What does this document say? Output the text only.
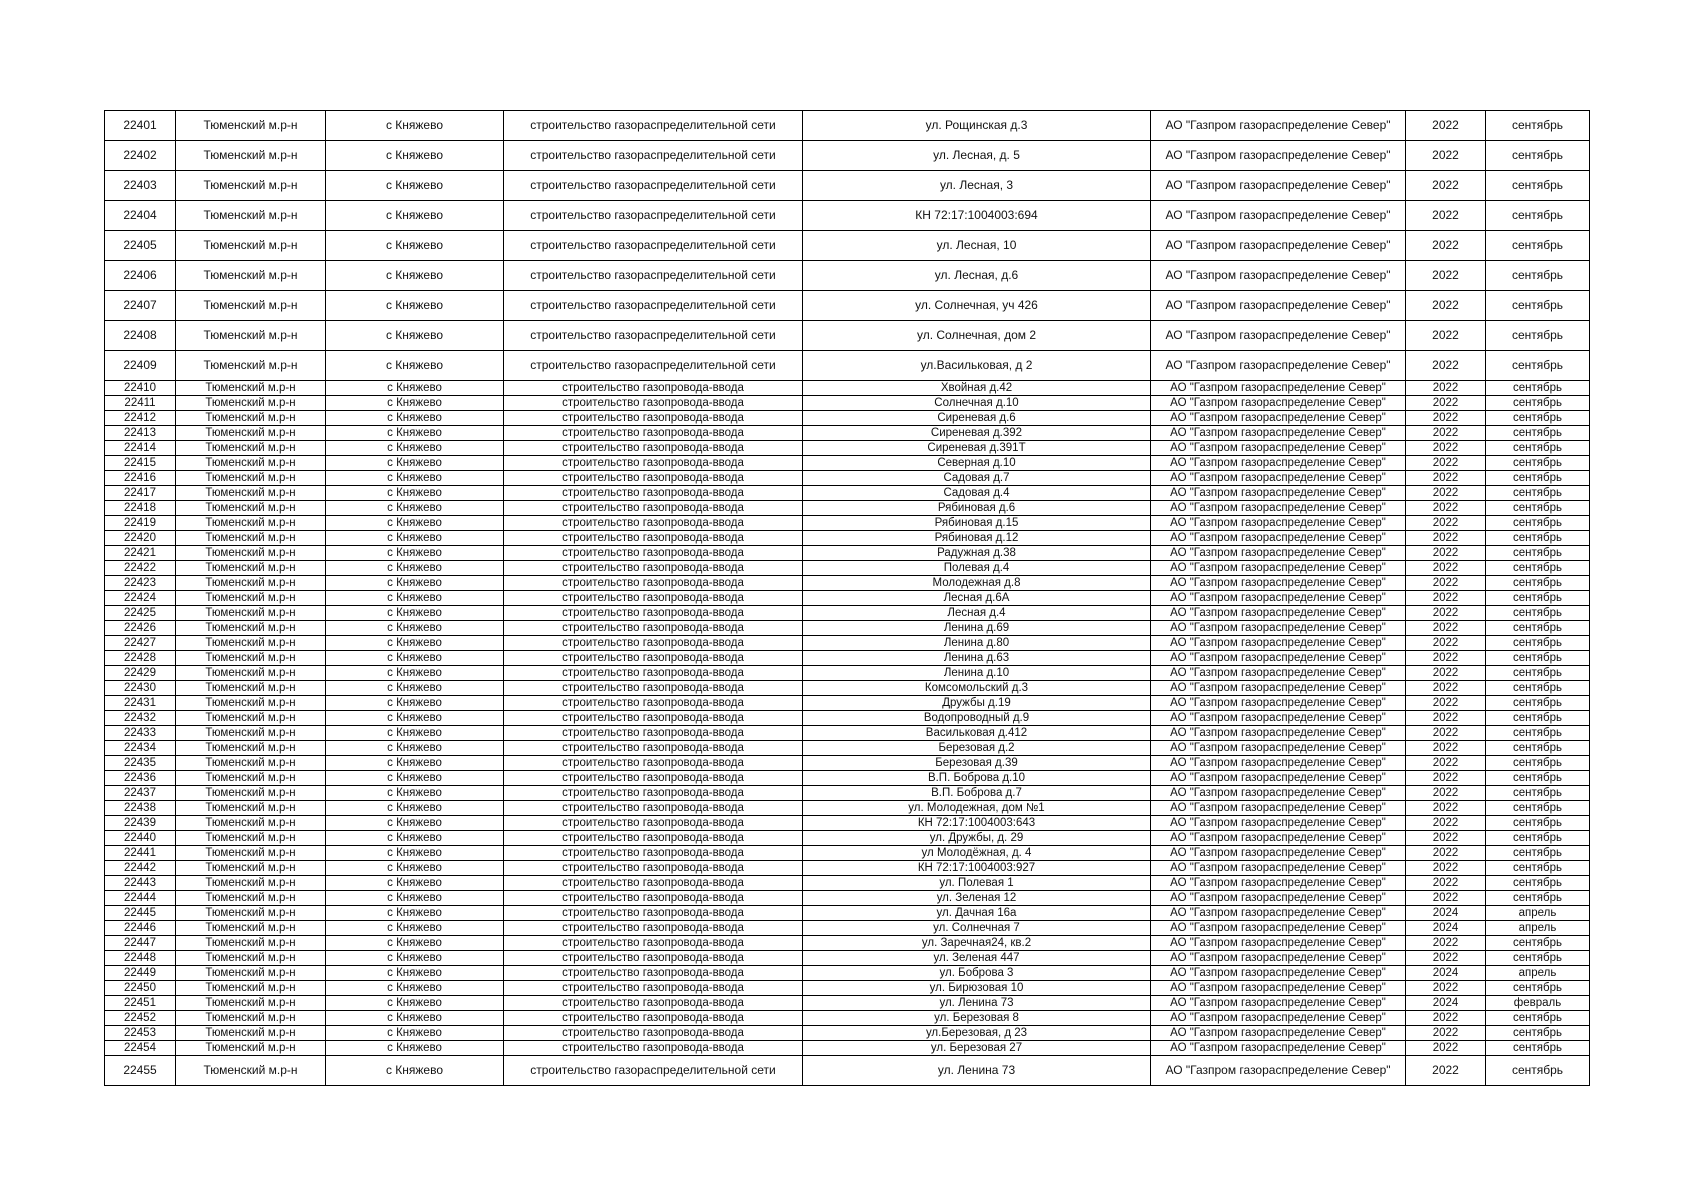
22401	Тюменский м.р-н	с Княжево	строительство газораспределительной сети	ул. Рощинская д.3	АО "Газпром газораспределение Север"	2022	сентябрь
22402	Тюменский м.р-н	с Княжево	строительство газораспределительной сети	ул. Лесная, д. 5	АО "Газпром газораспределение Север"	2022	сентябрь
22403	Тюменский м.р-н	с Княжево	строительство газораспределительной сети	ул. Лесная, 3	АО "Газпром газораспределение Север"	2022	сентябрь
22404	Тюменский м.р-н	с Княжево	строительство газораспределительной сети	КН 72:17:1004003:694	АО "Газпром газораспределение Север"	2022	сентябрь
22405	Тюменский м.р-н	с Княжево	строительство газораспределительной сети	ул. Лесная, 10	АО "Газпром газораспределение Север"	2022	сентябрь
22406	Тюменский м.р-н	с Княжево	строительство газораспределительной сети	ул. Лесная, д.6	АО "Газпром газораспределение Север"	2022	сентябрь
22407	Тюменский м.р-н	с Княжево	строительство газораспределительной сети	ул. Солнечная, уч 426	АО "Газпром газораспределение Север"	2022	сентябрь
22408	Тюменский м.р-н	с Княжево	строительство газораспределительной сети	ул. Солнечная, дом 2	АО "Газпром газораспределение Север"	2022	сентябрь
22409	Тюменский м.р-н	с Княжево	строительство газораспределительной сети	ул.Васильковая, д 2	АО "Газпром газораспределение Север"	2022	сентябрь
22410	Тюменский м.р-н	с Княжево	строительство газопровода-ввода	Хвойная д.42	АО "Газпром газораспределение Север"	2022	сентябрь
22411	Тюменский м.р-н	с Княжево	строительство газопровода-ввода	Солнечная д.10	АО "Газпром газораспределение Север"	2022	сентябрь
22412	Тюменский м.р-н	с Княжево	строительство газопровода-ввода	Сиреневая д.6	АО "Газпром газораспределение Север"	2022	сентябрь
22413	Тюменский м.р-н	с Княжево	строительство газопровода-ввода	Сиреневая д.392	АО "Газпром газораспределение Север"	2022	сентябрь
22414	Тюменский м.р-н	с Княжево	строительство газопровода-ввода	Сиреневая д.391Т	АО "Газпром газораспределение Север"	2022	сентябрь
22415	Тюменский м.р-н	с Княжево	строительство газопровода-ввода	Северная д.10	АО "Газпром газораспределение Север"	2022	сентябрь
22416	Тюменский м.р-н	с Княжево	строительство газопровода-ввода	Садовая д.7	АО "Газпром газораспределение Север"	2022	сентябрь
22417	Тюменский м.р-н	с Княжево	строительство газопровода-ввода	Садовая д.4	АО "Газпром газораспределение Север"	2022	сентябрь
22418	Тюменский м.р-н	с Княжево	строительство газопровода-ввода	Рябиновая д.6	АО "Газпром газораспределение Север"	2022	сентябрь
22419	Тюменский м.р-н	с Княжево	строительство газопровода-ввода	Рябиновая д.15	АО "Газпром газораспределение Север"	2022	сентябрь
22420	Тюменский м.р-н	с Княжево	строительство газопровода-ввода	Рябиновая д.12	АО "Газпром газораспределение Север"	2022	сентябрь
22421	Тюменский м.р-н	с Княжево	строительство газопровода-ввода	Радужная д.38	АО "Газпром газораспределение Север"	2022	сентябрь
22422	Тюменский м.р-н	с Княжево	строительство газопровода-ввода	Полевая д.4	АО "Газпром газораспределение Север"	2022	сентябрь
22423	Тюменский м.р-н	с Княжево	строительство газопровода-ввода	Молодежная д.8	АО "Газпром газораспределение Север"	2022	сентябрь
22424	Тюменский м.р-н	с Княжево	строительство газопровода-ввода	Лесная д.6А	АО "Газпром газораспределение Север"	2022	сентябрь
22425	Тюменский м.р-н	с Княжево	строительство газопровода-ввода	Лесная д.4	АО "Газпром газораспределение Север"	2022	сентябрь
22426	Тюменский м.р-н	с Княжево	строительство газопровода-ввода	Ленина д.69	АО "Газпром газораспределение Север"	2022	сентябрь
22427	Тюменский м.р-н	с Княжево	строительство газопровода-ввода	Ленина д.80	АО "Газпром газораспределение Север"	2022	сентябрь
22428	Тюменский м.р-н	с Княжево	строительство газопровода-ввода	Ленина д.63	АО "Газпром газораспределение Север"	2022	сентябрь
22429	Тюменский м.р-н	с Княжево	строительство газопровода-ввода	Ленина д.10	АО "Газпром газораспределение Север"	2022	сентябрь
22430	Тюменский м.р-н	с Княжево	строительство газопровода-ввода	Комсомольский д.3	АО "Газпром газораспределение Север"	2022	сентябрь
22431	Тюменский м.р-н	с Княжево	строительство газопровода-ввода	Дружбы д.19	АО "Газпром газораспределение Север"	2022	сентябрь
22432	Тюменский м.р-н	с Княжево	строительство газопровода-ввода	Водопроводный д.9	АО "Газпром газораспределение Север"	2022	сентябрь
22433	Тюменский м.р-н	с Княжево	строительство газопровода-ввода	Васильковая д.412	АО "Газпром газораспределение Север"	2022	сентябрь
22434	Тюменский м.р-н	с Княжево	строительство газопровода-ввода	Березовая д.2	АО "Газпром газораспределение Север"	2022	сентябрь
22435	Тюменский м.р-н	с Княжево	строительство газопровода-ввода	Березовая д.39	АО "Газпром газораспределение Север"	2022	сентябрь
22436	Тюменский м.р-н	с Княжево	строительство газопровода-ввода	В.П. Боброва д.10	АО "Газпром газораспределение Север"	2022	сентябрь
22437	Тюменский м.р-н	с Княжево	строительство газопровода-ввода	В.П. Боброва д.7	АО "Газпром газораспределение Север"	2022	сентябрь
22438	Тюменский м.р-н	с Княжево	строительство газопровода-ввода	ул. Молодежная, дом №1	АО "Газпром газораспределение Север"	2022	сентябрь
22439	Тюменский м.р-н	с Княжево	строительство газопровода-ввода	КН 72:17:1004003:643	АО "Газпром газораспределение Север"	2022	сентябрь
22440	Тюменский м.р-н	с Княжево	строительство газопровода-ввода	ул. Дружбы, д. 29	АО "Газпром газораспределение Север"	2022	сентябрь
22441	Тюменский м.р-н	с Княжево	строительство газопровода-ввода	ул Молодёжная, д. 4	АО "Газпром газораспределение Север"	2022	сентябрь
22442	Тюменский м.р-н	с Княжево	строительство газопровода-ввода	КН 72:17:1004003:927	АО "Газпром газораспределение Север"	2022	сентябрь
22443	Тюменский м.р-н	с Княжево	строительство газопровода-ввода	ул. Полевая 1	АО "Газпром газораспределение Север"	2022	сентябрь
22444	Тюменский м.р-н	с Княжево	строительство газопровода-ввода	ул. Зеленая 12	АО "Газпром газораспределение Север"	2022	сентябрь
22445	Тюменский м.р-н	с Княжево	строительство газопровода-ввода	ул. Дачная 16а	АО "Газпром газораспределение Север"	2024	апрель
22446	Тюменский м.р-н	с Княжево	строительство газопровода-ввода	ул. Солнечная 7	АО "Газпром газораспределение Север"	2024	апрель
22447	Тюменский м.р-н	с Княжево	строительство газопровода-ввода	ул. Заречная24, кв.2	АО "Газпром газораспределение Север"	2022	сентябрь
22448	Тюменский м.р-н	с Княжево	строительство газопровода-ввода	ул. Зеленая 447	АО "Газпром газораспределение Север"	2022	сентябрь
22449	Тюменский м.р-н	с Княжево	строительство газопровода-ввода	ул. Боброва 3	АО "Газпром газораспределение Север"	2024	апрель
22450	Тюменский м.р-н	с Княжево	строительство газопровода-ввода	ул. Бирюзовая 10	АО "Газпром газораспределение Север"	2022	сентябрь
22451	Тюменский м.р-н	с Княжево	строительство газопровода-ввода	ул. Ленина 73	АО "Газпром газораспределение Север"	2024	февраль
22452	Тюменский м.р-н	с Княжево	строительство газопровода-ввода	ул. Березовая 8	АО "Газпром газораспределение Север"	2022	сентябрь
22453	Тюменский м.р-н	с Княжево	строительство газопровода-ввода	ул.Березовая, д 23	АО "Газпром газораспределение Север"	2022	сентябрь
22454	Тюменский м.р-н	с Княжево	строительство газопровода-ввода	ул. Березовая 27	АО "Газпром газораспределение Север"	2022	сентябрь
22455	Тюменский м.р-н	с Княжево	строительство газораспределительной сети	ул. Ленина 73	АО "Газпром газораспределение Север"	2022	сентябрь
